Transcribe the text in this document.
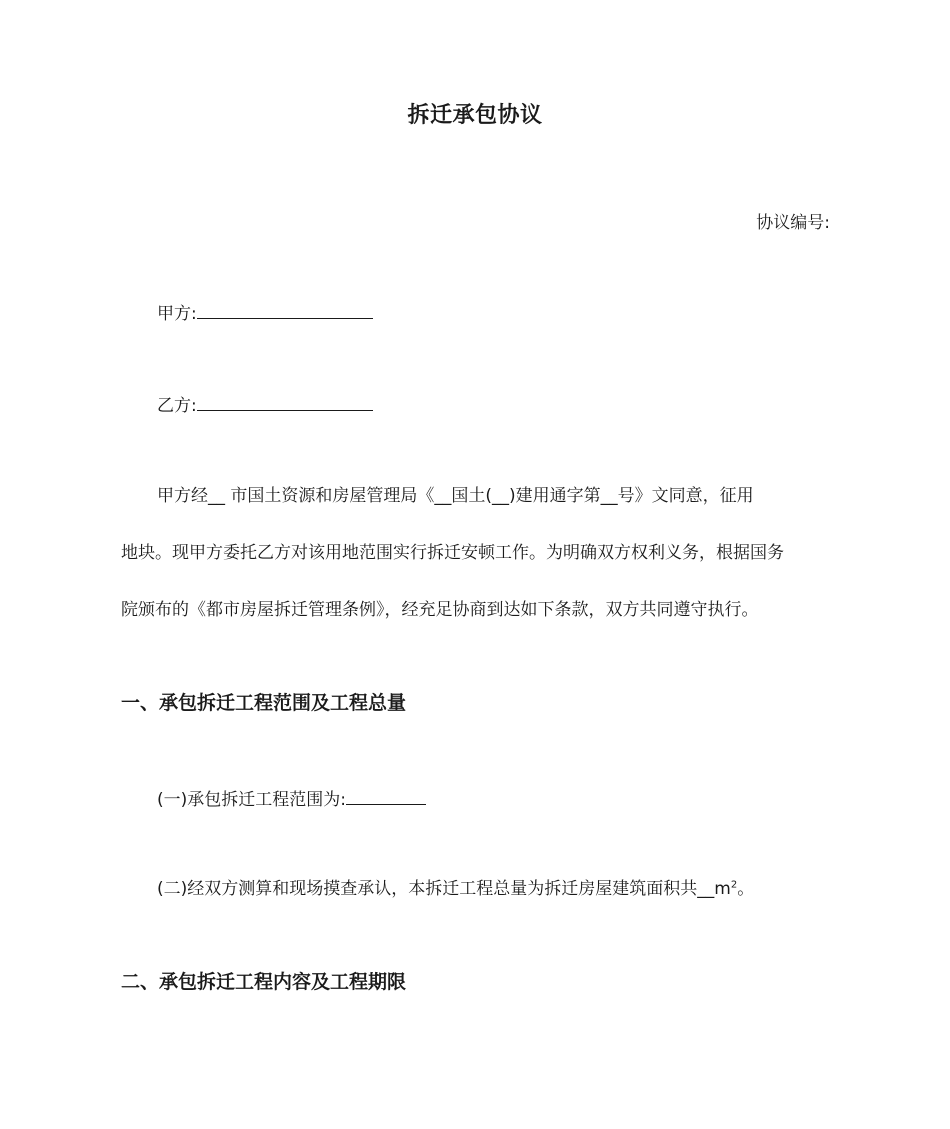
拆迁承包协议
协议编号:
甲方:
乙方:
甲方经__ 市国土资源和房屋管理局《__国土(__)建用通字第__号》文同意，征用
地块。现甲方委托乙方对该用地范围实行拆迁安顿工作。为明确双方权利义务，根据国务
院颁布的《都市房屋拆迁管理条例》，经充足协商到达如下条款，双方共同遵守执行。
一、承包拆迁工程范围及工程总量
(一)承包拆迁工程范围为:
(二)经双方测算和现场摸查承认，本拆迁工程总量为拆迁房屋建筑面积共$\_\_m^2$。
二、承包拆迁工程内容及工程期限
